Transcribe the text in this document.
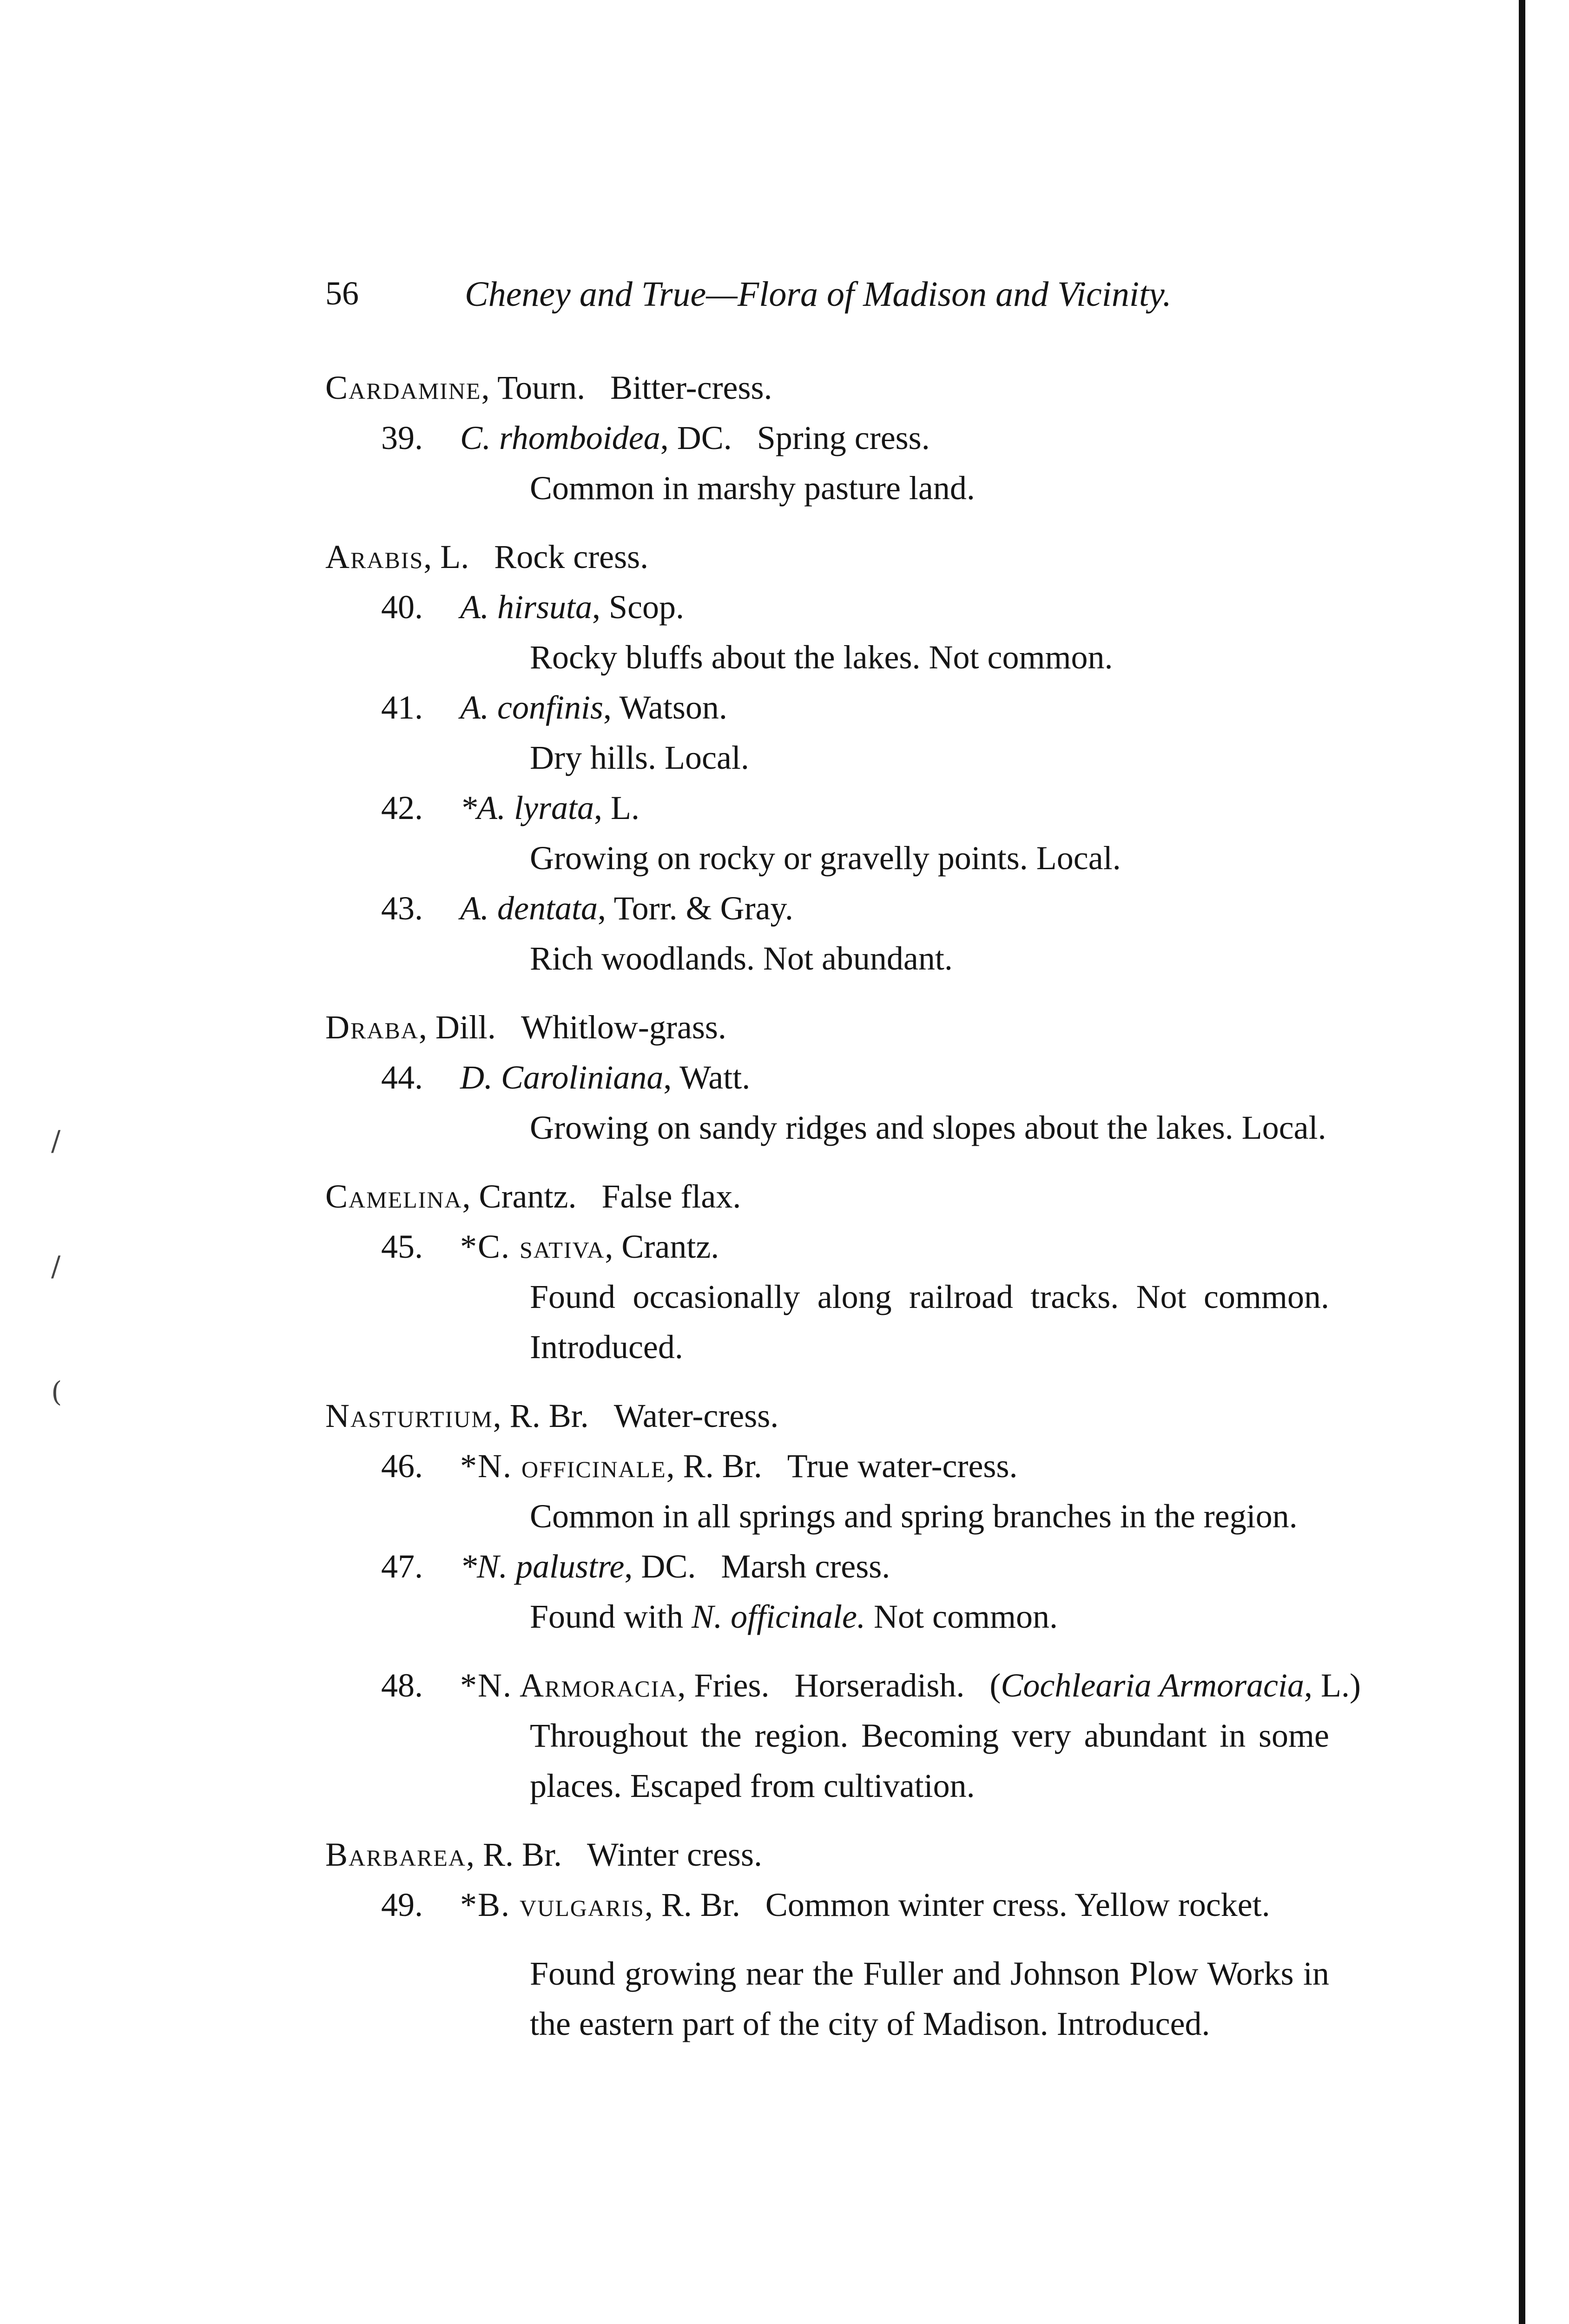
56	Cheney and True—Flora of Madison and Vicinity.
Cardamine, Tourn. Bitter-cress.
39. C. rhomboidea, DC. Spring cress.
Common in marshy pasture land.
Arabis, L. Rock cress.
40. A. hirsuta, Scop.
Rocky bluffs about the lakes. Not common.
41. A. confinis, Watson.
Dry hills. Local.
42. *A. lyrata, L.
Growing on rocky or gravelly points. Local.
43. A. dentata, Torr. & Gray.
Rich woodlands. Not abundant.
Draba, Dill. Whitlow-grass.
44. D. Caroliniana, Watt.
Growing on sandy ridges and slopes about the lakes. Local.
Camelina, Crantz. False flax.
45. *C. sativa, Crantz.
Found occasionally along railroad tracks. Not common. Introduced.
Nasturtium, R. Br. Water-cress.
46. *N. officinale, R. Br. True water-cress.
Common in all springs and spring branches in the region.
47. *N. palustre, DC. Marsh cress.
Found with N. officinale. Not common.
48. *N. Armoracia, Fries. Horseradish. (Cochlearia Armoracia, L.)
Throughout the region. Becoming very abundant in some places. Escaped from cultivation.
Barbarea, R. Br. Winter cress.
49. *B. vulgaris, R. Br. Common winter cress. Yellow rocket.
Found growing near the Fuller and Johnson Plow Works in the eastern part of the city of Madison. Introduced.
/
/
(
